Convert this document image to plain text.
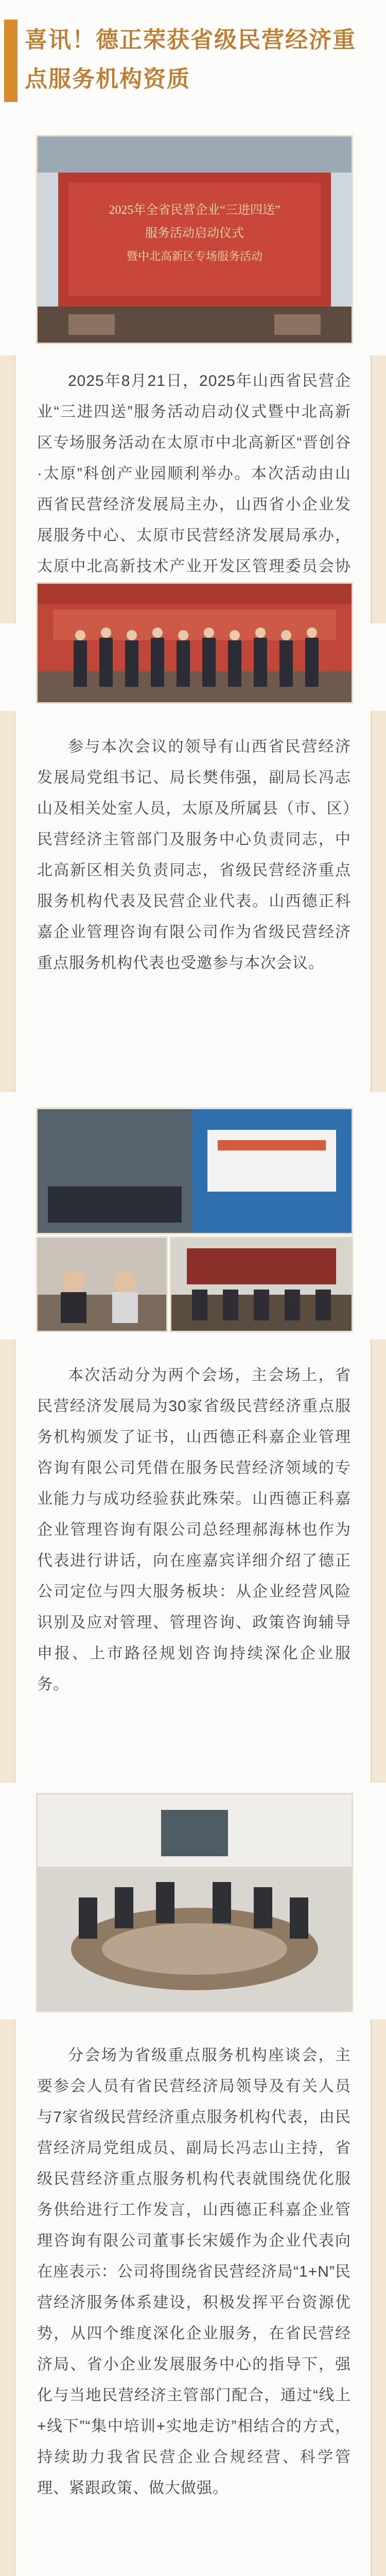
喜讯！德正荣获省级民营经济重点服务机构资质
2025年全省民营企业“三进四送”
服务活动启动仪式
暨中北高新区专场服务活动

2025年8月21日，2025年山西省民营企业“三进四送”服务活动启动仪式暨中北高新区专场服务活动在太原市中北高新区“晋创谷·太原”科创产业园顺利举办。本次活动由山西省民营经济发展局主办，山西省小企业发展服务中心、太原市民营经济发展局承办，太原中北高新技术产业开发区管理委员会协

参与本次会议的领导有山西省民营经济发展局党组书记、局长樊伟强，副局长冯志山及相关处室人员，太原及所属县（市、区）民营经济主管部门及服务中心负责同志，中北高新区相关负责同志，省级民营经济重点服务机构代表及民营企业代表。山西德正科嘉企业管理咨询有限公司作为省级民营经济重点服务机构代表也受邀参与本次会议。

本次活动分为两个会场，主会场上，省民营经济发展局为30家省级民营经济重点服务机构颁发了证书，山西德正科嘉企业管理咨询有限公司凭借在服务民营经济领域的专业能力与成功经验获此殊荣。山西德正科嘉企业管理咨询有限公司总经理郝海林也作为代表进行讲话，向在座嘉宾详细介绍了德正公司定位与四大服务板块：从企业经营风险识别及应对管理、管理咨询、政策咨询辅导申报、上市路径规划咨询持续深化企业服务。

分会场为省级重点服务机构座谈会，主要参会人员有省民营经济局领导及有关人员与7家省级民营经济重点服务机构代表，由民营经济局党组成员、副局长冯志山主持，省级民营经济重点服务机构代表就围绕优化服务供给进行工作发言，山西德正科嘉企业管理咨询有限公司董事长宋媛作为企业代表向在座表示：公司将围绕省民营经济局“1+N”民营经济服务体系建设，积极发挥平台资源优势，从四个维度深化企业服务，在省民营经济局、省小企业发展服务中心的指导下，强化与当地民营经济主管部门配合，通过“线上+线下”“集中培训+实地走访”相结合的方式，持续助力我省民营企业合规经营、科学管理、紧跟政策、做大做强。
